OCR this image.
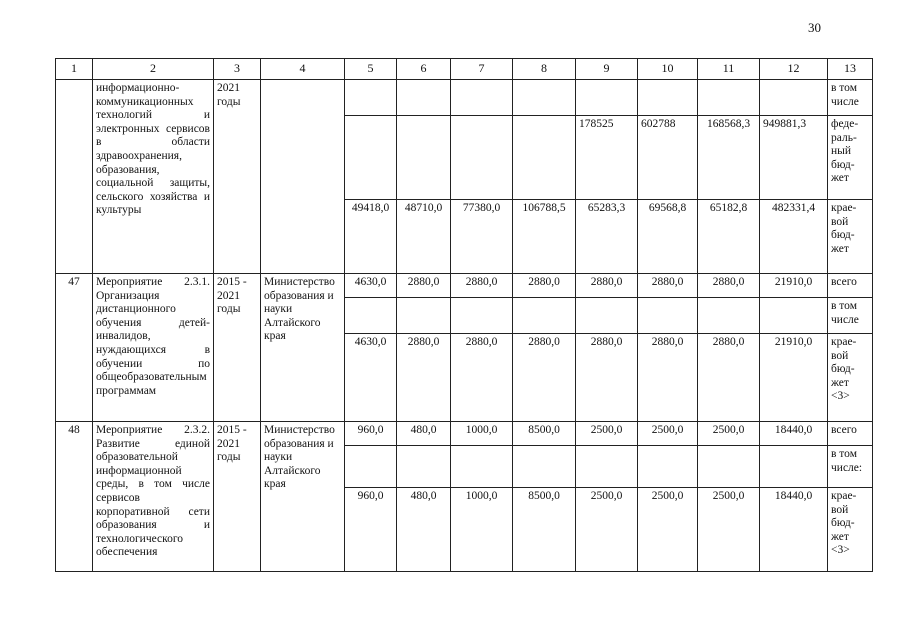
30
1	2	3	4	5	6	7	8	9	10	11	12	13
	информационно-коммуникационных технологий и электронных сервисов в области здравоохранения, образования, социальной защиты, сельского хозяйства и культуры	2021 годы										в том числе
								178525	602788	168568,3	949881,3	феде-раль-ный бюд-жет
				49418,0	48710,0	77380,0	106788,5	65283,3	69568,8	65182,8	482331,4	крае-вой бюд-жет
47	Мероприятие 2.3.1. Организация дистанционного обучения детей-инвалидов, нуждающихся в обучении по общеобразовательным программам	2015 - 2021 годы	Министерство образования и науки Алтайского края	4630,0	2880,0	2880,0	2880,0	2880,0	2880,0	2880,0	21910,0	всего
												в том числе
				4630,0	2880,0	2880,0	2880,0	2880,0	2880,0	2880,0	21910,0	крае-вой бюд-жет <3>
48	Мероприятие 2.3.2. Развитие единой образовательной информационной среды, в том числе сервисов корпоративной сети образования и технологического обеспечения	2015 - 2021 годы	Министерство образования и науки Алтайского края	960,0	480,0	1000,0	8500,0	2500,0	2500,0	2500,0	18440,0	всего
												в том числе:
				960,0	480,0	1000,0	8500,0	2500,0	2500,0	2500,0	18440,0	крае-вой бюд-жет <3>
